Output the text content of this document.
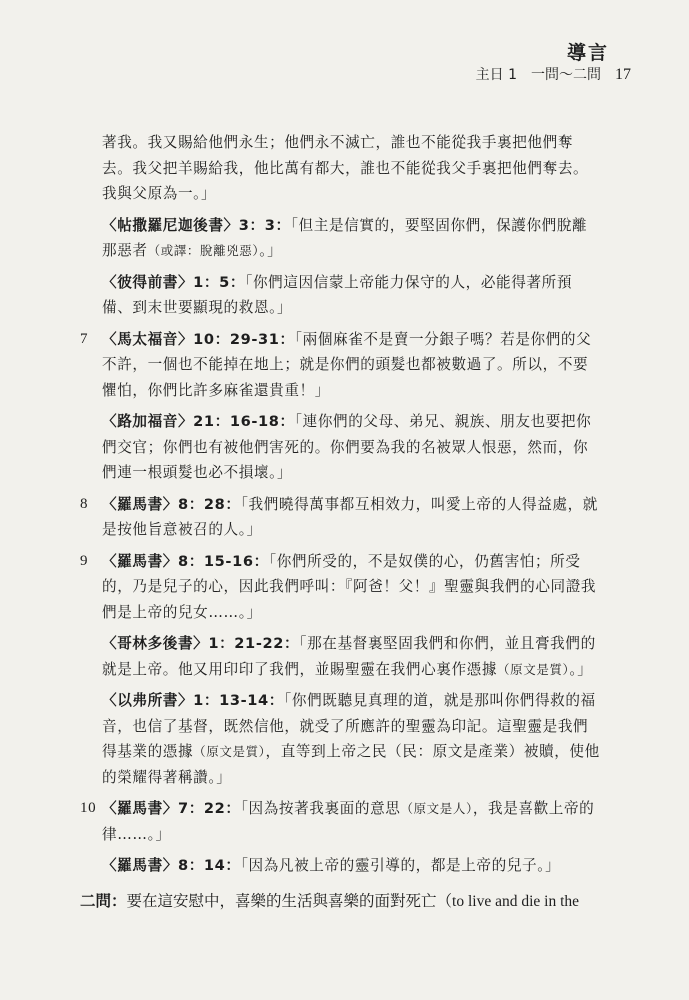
導言
主日 1　一問～二問 17
著我。我又賜給他們永生；他們永不滅亡，誰也不能從我手裏把他們奪去。我父把羊賜給我，他比萬有都大，誰也不能從我父手裏把他們奪去。我與父原為一。」
〈帖撒羅尼迦後書〉3：3：「但主是信實的，要堅固你們，保護你們脫離那惡者（或譯：脫離兇惡）。」
〈彼得前書〉1：5：「你們這因信蒙上帝能力保守的人，必能得著所預備、到末世要顯現的救恩。」
7 〈馬太福音〉10：29-31：「兩個麻雀不是賣一分銀子嗎？若是你們的父不許，一個也不能掉在地上；就是你們的頭髮也都被數過了。所以，不要懼怕，你們比許多麻雀還貴重！」
〈路加福音〉21：16-18：「連你們的父母、弟兄、親族、朋友也要把你們交官；你們也有被他們害死的。你們要為我的名被眾人恨惡，然而，你們連一根頭髮也必不損壞。」
8 〈羅馬書〉8：28：「我們曉得萬事都互相效力，叫愛上帝的人得益處，就是按他旨意被召的人。」
9 〈羅馬書〉8：15-16：「你們所受的，不是奴僕的心，仍舊害怕；所受的，乃是兒子的心，因此我們呼叫：『阿爸！父！』聖靈與我們的心同證我們是上帝的兒女……。」
〈哥林多後書〉1：21-22：「那在基督裏堅固我們和你們，並且膏我們的就是上帝。他又用印印了我們，並賜聖靈在我們心裏作憑據（原文是質）。」
〈以弗所書〉1：13-14：「你們既聽見真理的道，就是那叫你們得救的福音，也信了基督，既然信他，就受了所應許的聖靈為印記。這聖靈是我們得基業的憑據（原文是質），直等到上帝之民（民：原文是產業）被贖，使他的榮耀得著稱讚。」
10 〈羅馬書〉7：22：「因為按著我裏面的意思（原文是人），我是喜歡上帝的律……。」
〈羅馬書〉8：14：「因為凡被上帝的靈引導的，都是上帝的兒子。」
二問：要在這安慰中，喜樂的生活與喜樂的面對死亡（to live and die in the
